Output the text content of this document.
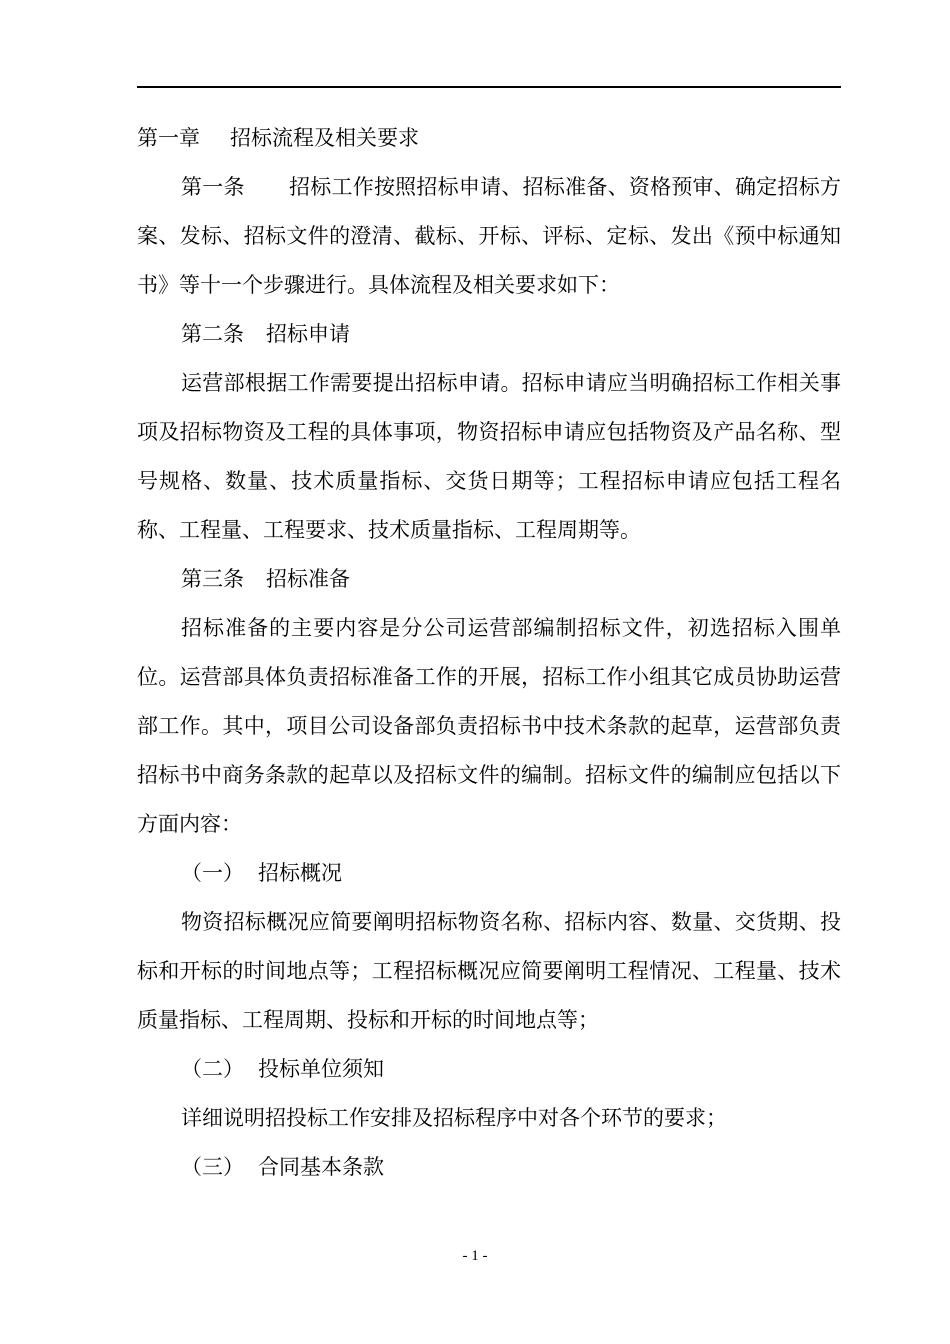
第一章 招标流程及相关要求

第一条 招标工作按照招标申请、招标准备、资格预审、确定招标方案、发标、招标文件的澄清、截标、开标、评标、定标、发出《预中标通知书》等十一个步骤进行。具体流程及相关要求如下：

第二条 招标申请

运营部根据工作需要提出招标申请。招标申请应当明确招标工作相关事项及招标物资及工程的具体事项，物资招标申请应包括物资及产品名称、型号规格、数量、技术质量指标、交货日期等；工程招标申请应包括工程名称、工程量、工程要求、技术质量指标、工程周期等。

第三条 招标准备

招标准备的主要内容是分公司运营部编制招标文件，初选招标入围单位。运营部具体负责招标准备工作的开展，招标工作小组其它成员协助运营部工作。其中，项目公司设备部负责招标书中技术条款的起草，运营部负责招标书中商务条款的起草以及招标文件的编制。招标文件的编制应包括以下方面内容：

（一） 招标概况

物资招标概况应简要阐明招标物资名称、招标内容、数量、交货期、投标和开标的时间地点等；工程招标概况应简要阐明工程情况、工程量、技术质量指标、工程周期、投标和开标的时间地点等；

（二） 投标单位须知

详细说明招投标工作安排及招标程序中对各个环节的要求；

（三） 合同基本条款

- 1 -
